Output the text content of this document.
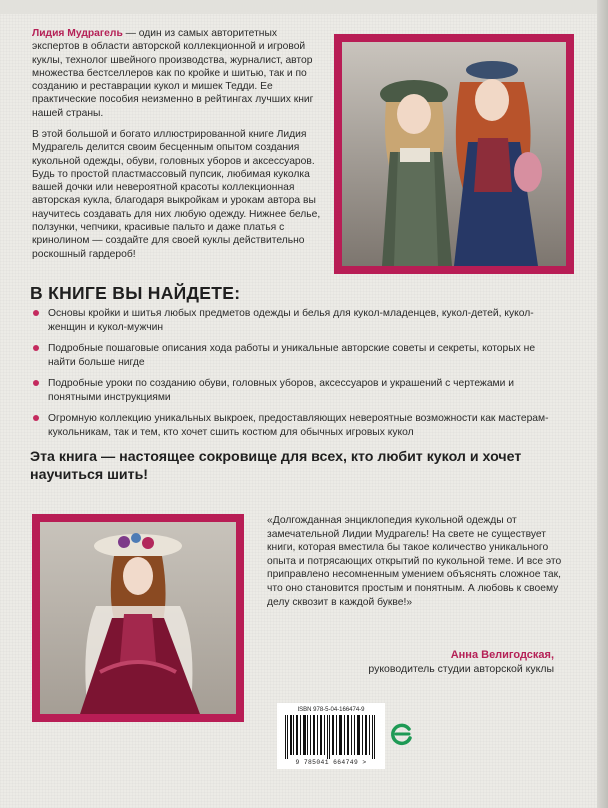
Лидия Мудрагель — один из самых авторитетных экспертов в области авторской коллекционной и игровой куклы, технолог швейного производства, журналист, автор множества бестселлеров как по кройке и шитью, так и по созданию и реставрации кукол и мишек Тедди. Ее практические пособия неизменно в рейтингах лучших книг нашей страны.
В этой большой и богато иллюстрированной книге Лидия Мудрагель делится своим бесценным опытом создания кукольной одежды, обуви, головных уборов и аксессуаров. Будь то простой пластмассовый пупсик, любимая куколка вашей дочки или невероятной красоты коллекционная авторская кукла, благодаря выкройкам и урокам автора вы научитесь создавать для них любую одежду. Нижнее белье, ползунки, чепчики, красивые пальто и даже платья с кринолином — создайте для своей куклы действительно роскошный гардероб!
В КНИГЕ ВЫ НАЙДЕТЕ:
Основы кройки и шитья любых предметов одежды и белья для кукол-младенцев, кукол-детей, кукол-женщин и кукол-мужчин
Подробные пошаговые описания хода работы и уникальные авторские советы и секреты, которых не найти больше нигде
Подробные уроки по созданию обуви, головных уборов, аксессуаров и украшений с чертежами и понятными инструкциями
Огромную коллекцию уникальных выкроек, предоставляющих невероятные возможности как мастерам-кукольникам, так и тем, кто хочет сшить костюм для обычных игровых кукол
Эта книга — настоящее сокровище для всех, кто любит кукол и хочет научиться шить!
«Долгожданная энциклопедия кукольной одежды от замечательной Лидии Мудрагель! На свете не существует книги, которая вместила бы такое количество уникального опыта и потрясающих открытий по кукольной теме. И все это приправлено несомненным умением объяснять сложное так, что оно становится простым и понятным. А любовь к своему делу сквозит в каждой букве!»
Анна Велигодская,
руководитель студии авторской куклы
ISBN 978-5-04-166474-9
9 785041 664749 >
